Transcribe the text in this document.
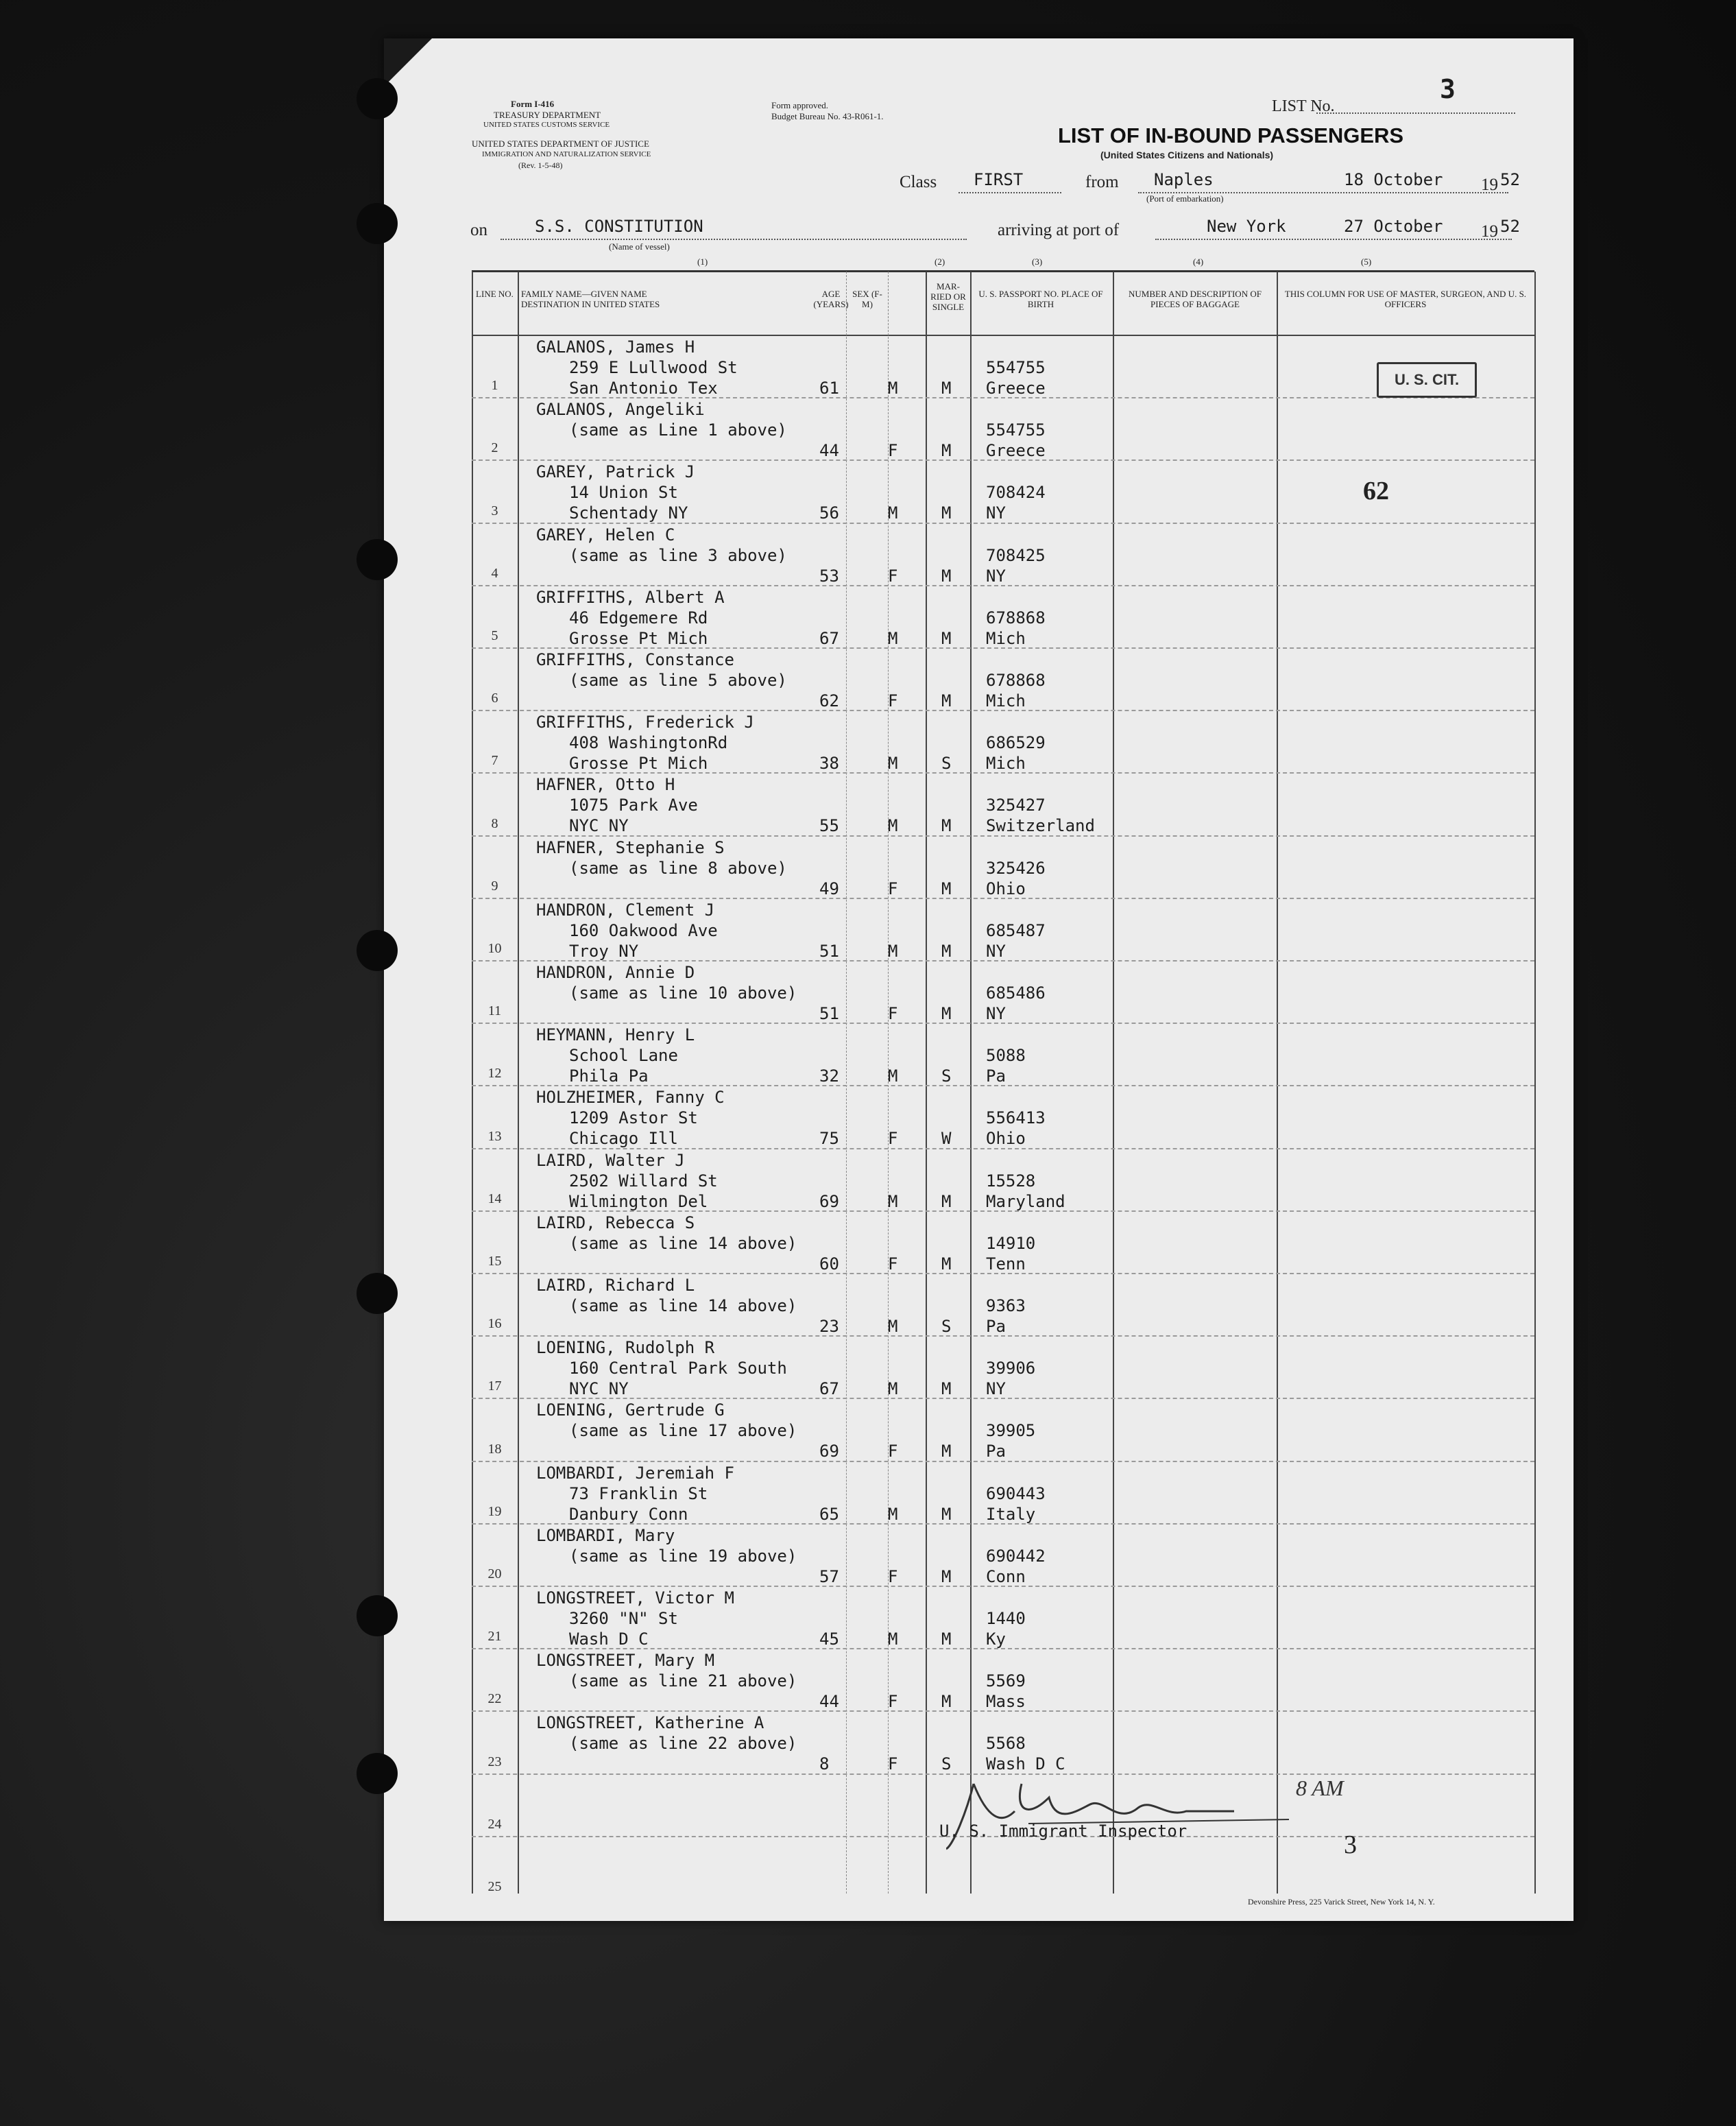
Form I-416
TREASURY DEPARTMENT
UNITED STATES CUSTOMS SERVICE
UNITED STATES DEPARTMENT OF JUSTICE
IMMIGRATION AND NATURALIZATION SERVICE
(Rev. 1-5-48)
Form approved.
Budget Bureau No. 43-R061-1.
LIST No.
3
LIST OF IN-BOUND PASSENGERS
(United States Citizens and Nationals)
Class FIRST	from Naples	18 October 19 52
(Port of embarkation)
on	S.S. CONSTITUTION
(Name of vessel)
arriving at port of	New York	27 October 19 52
(1)	(2)	(3)	(4)	(5)
LINE NO. FAMILY NAME—GIVEN NAME DESTINATION IN UNITED STATES
AGE (YEARS)
SEX (F-M)
MAR-RIED OR SINGLE
U. S. PASSPORT NO. PLACE OF BIRTH
NUMBER AND DESCRIPTION OF PIECES OF BAGGAGE
THIS COLUMN FOR USE OF MASTER, SURGEON, AND U. S. OFFICERS
1
GALANOS, James H
259 E Lullwood St
San Antonio Tex	61	M	M
554755
Greece
2
GALANOS, Angeliki
(same as Line 1 above)
44	F	M
554755
Greece
3
GAREY, Patrick J
14 Union St
Schentady NY	56	M	M
708424
NY
4
GAREY, Helen C
(same as line 3 above)
53	F	M
708425
NY
5
GRIFFITHS, Albert A
46 Edgemere Rd
Grosse Pt Mich	67	M	M
678868
Mich
6
GRIFFITHS, Constance
(same as line 5 above)
62	F	M
678868
Mich
7
GRIFFITHS, Frederick J
408 WashingtonRd
Grosse Pt Mich	38	M	S
686529
Mich
8
HAFNER, Otto H
1075 Park Ave
NYC NY	55	M	M
325427
Switzerland
9
HAFNER, Stephanie S
(same as line 8 above)
49	F	M
325426
Ohio
10
HANDRON, Clement J
160 Oakwood Ave
Troy NY	51	M	M
685487
NY
11
HANDRON, Annie D
(same as line 10 above)
51	F	M
685486
NY
12
HEYMANN, Henry L
School Lane
Phila Pa	32	M	S
5088
Pa
13
HOLZHEIMER, Fanny C
1209 Astor St
Chicago Ill	75	F	W
556413
Ohio
14
LAIRD, Walter J
2502 Willard St
Wilmington Del	69	M	M
15528
Maryland
15
LAIRD, Rebecca S
(same as line 14 above)
60	F	M
14910
Tenn
16
LAIRD, Richard L
(same as line 14 above)
23	M	S
9363
Pa
17
LOENING, Rudolph R
160 Central Park South
NYC NY	67	M	M
39906
NY
18
LOENING, Gertrude G
(same as line 17 above)
69	F	M
39905
Pa
19
LOMBARDI, Jeremiah F
73 Franklin St
Danbury Conn	65	M	M
690443
Italy
20
LOMBARDI, Mary
(same as line 19 above)
57	F	M
690442
Conn
21
LONGSTREET, Victor M
3260 "N" St
Wash D C	45	M	M
1440
Ky
22
LONGSTREET, Mary M
(same as line 21 above)
44	F	M
5569
Mass
23
LONGSTREET, Katherine A
(same as line 22 above)
8	F	S
5568
Wash D C
24
25
U. S. CIT.
62
3
8 AM
U. S. Immigrant Inspector
Devonshire Press, 225 Varick Street, New York 14, N. Y.
